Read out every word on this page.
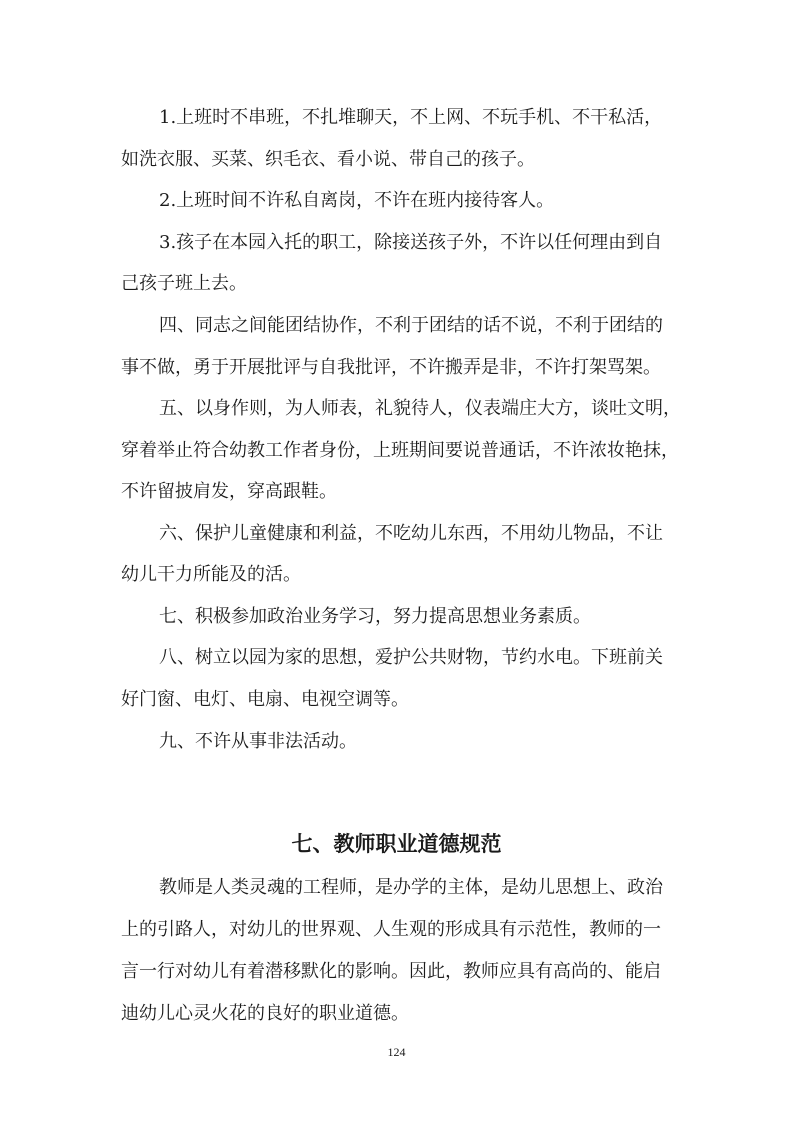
1.上班时不串班，不扎堆聊天，不上网、不玩手机、不干私活，
如洗衣服、买菜、织毛衣、看小说、带自己的孩子。
2.上班时间不许私自离岗，不许在班内接待客人。
3.孩子在本园入托的职工，除接送孩子外，不许以任何理由到自
己孩子班上去。
四、同志之间能团结协作，不利于团结的话不说，不利于团结的
事不做，勇于开展批评与自我批评，不许搬弄是非，不许打架骂架。
五、以身作则，为人师表，礼貌待人，仪表端庄大方，谈吐文明，
穿着举止符合幼教工作者身份，上班期间要说普通话，不许浓妆艳抹，
不许留披肩发，穿高跟鞋。
六、保护儿童健康和利益，不吃幼儿东西，不用幼儿物品，不让
幼儿干力所能及的活。
七、积极参加政治业务学习，努力提高思想业务素质。
八、树立以园为家的思想，爱护公共财物，节约水电。下班前关
好门窗、电灯、电扇、电视空调等。
九、不许从事非法活动。
七、教师职业道德规范
教师是人类灵魂的工程师，是办学的主体，是幼儿思想上、政治
上的引路人，对幼儿的世界观、人生观的形成具有示范性，教师的一
言一行对幼儿有着潜移默化的影响。因此，教师应具有高尚的、能启
迪幼儿心灵火花的良好的职业道德。
124
